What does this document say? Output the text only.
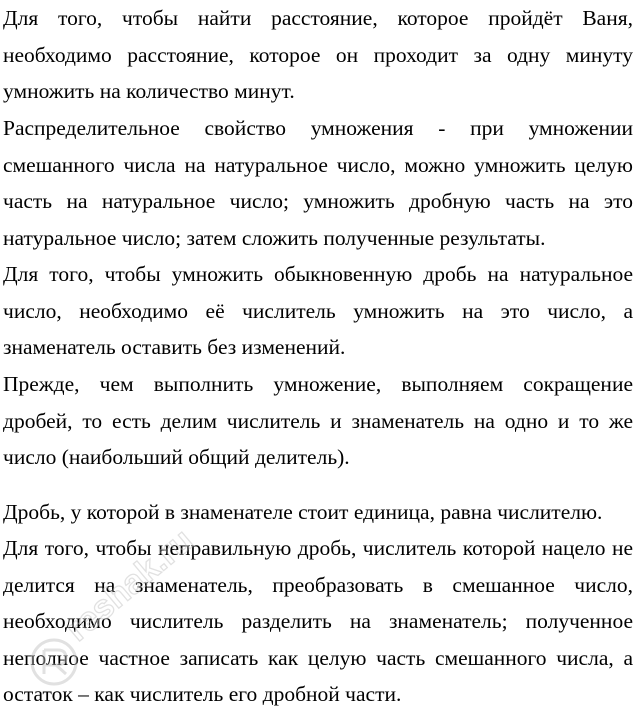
Для того, чтобы найти расстояние, которое пройдёт Ваня, необходимо расстояние, которое он проходит за одну минуту умножить на количество минут.

Распределительное свойство умножения - при умножении смешанного числа на натуральное число, можно умножить целую часть на натуральное число; умножить дробную часть на это натуральное число; затем сложить полученные результаты.

Для того, чтобы умножить обыкновенную дробь на натуральное число, необходимо её числитель умножить на это число, а знаменатель оставить без изменений.

Прежде, чем выполнить умножение, выполняем сокращение дробей, то есть делим числитель и знаменатель на одно и то же число (наибольший общий делитель).

Дробь, у которой в знаменателе стоит единица, равна числителю.

Для того, чтобы неправильную дробь, числитель которой нацело не делится на знаменатель, преобразовать в смешанное число, необходимо числитель разделить на знаменатель; полученное неполное частное записать как целую часть смешанного числа, а остаток – как числитель его дробной части.

reshak.ru
